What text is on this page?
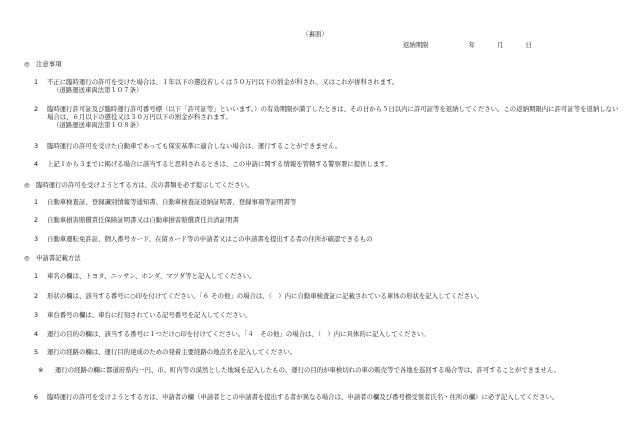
（裏面）
返納期限	年	月	日
◎　注意事項
1 不正に臨時運行の許可を受けた場合は、１年以下の懲役若しくは５０万円以下の罰金が科され、又はこれが併科されます。
（道路運送車両法第１０７条）
2 臨時運行許可証及び臨時運行許可番号標（以下「許可証等」といいます。）の有効期限が満了したときは、その日から５日以内に許可証等を返納してください。この返納期限内に許可証等を返納しない場合は、６月以下の懲役又は３０万円以下の罰金が科されます。
（道路運送車両法第１０８条）
3 臨時運行の許可を受けた自動車であっても保安基準に適合しない場合は、運行することができません。
4 上記１から３までに掲げる場合に該当すると思料されるときは、この申請に関する情報を管轄する警察署に提供します。
◎　臨時運行の許可を受けようとする方は、次の書類を必ず提示してください。
1 自動車検査証、登録識別情報等通知書、自動車検査証返納証明書、登録事項等証明書等
2 自動車損害賠償責任保険証明書又は自動車損害賠償責任共済証明書
3 自動車運転免許証、個人番号カード、在留カード等の申請者又はこの申請書を提出する者の住所が確認できるもの
◎　申請書記載方法
1 車名の欄は、トヨタ、ニッサン、ホンダ、マツダ等と記入してください。
2 形状の欄は、該当する番号に○印を付けてください。「６ その他」の場合は、（　）内に自動車検査証に記載されている車体の形状を記入してください。
3 車台番号の欄は、車台に打刻されている記号番号を記入してください。
4 運行の目的の欄は、該当する番号に１つだけ○印を付けてください。「４　その他」の場合は、（　）内に具体的に記入してください。
5 運行の経路の欄は、運行目的達成のための発着主要経路の地点名を記入してください。
※ 運行の経路の欄に都道府県内一円、市、町内等の漠然とした地域を記入したもの、運行の目的が車検切れの車の販売等で各地を巡回する場合等は、許可することができません。
6 臨時運行の許可を受けようとする方は、申請者の欄（申請者とこの申請書を提出する者が異なる場合は、申請者の欄及び番号標受領者氏名・住所の欄）に必ず記入してください。
